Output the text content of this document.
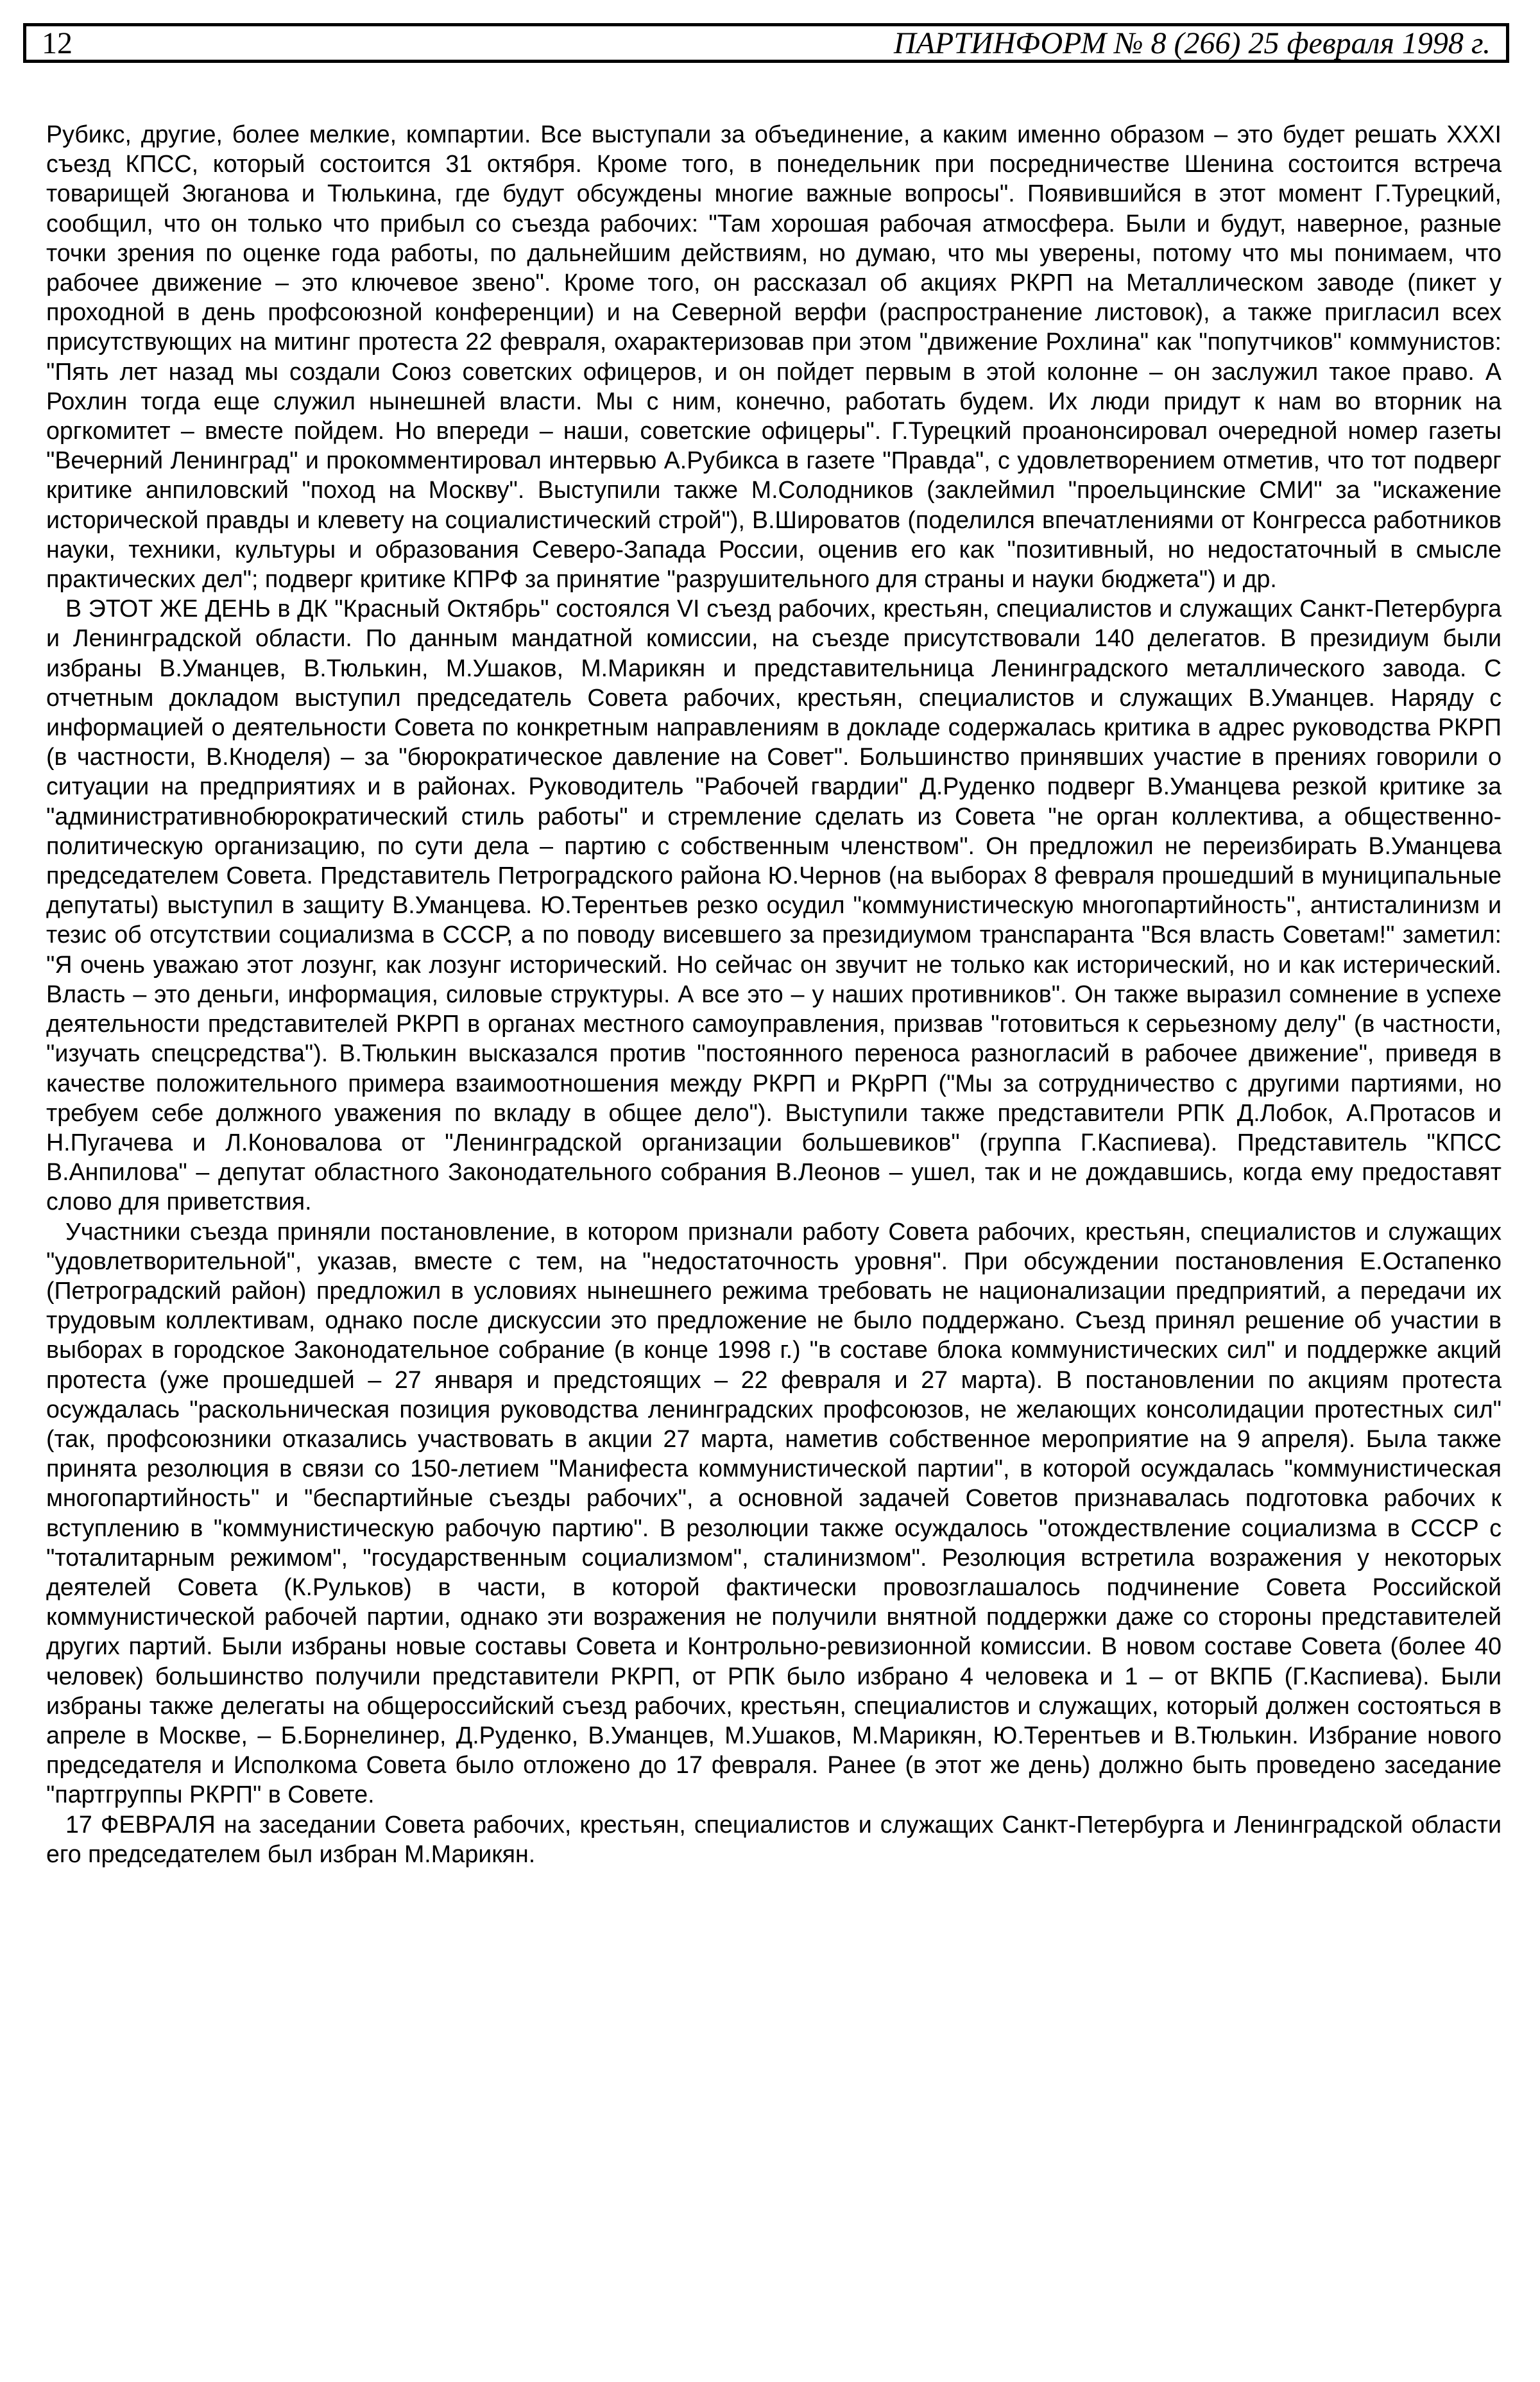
12	ПАРТИНФОРМ № 8 (266) 25 февраля 1998 г.

Рубикс, другие, более мелкие, компартии. Все выступали за объединение, а каким именно образом – это будет решать XXXI съезд КПСС, который состоится 31 октября. Кроме того, в понедельник при посредничестве Шенина состоится встреча товарищей Зюганова и Тюлькина, где будут обсуждены многие важные вопросы". Появившийся в этот момент Г.Турецкий, сообщил, что он только что прибыл со съезда рабочих: "Там хорошая рабочая атмосфера. Были и будут, наверное, разные точки зрения по оценке года работы, по дальнейшим действиям, но думаю, что мы уверены, потому что мы понимаем, что рабочее движение – это ключевое звено". Кроме того, он рассказал об акциях РКРП на Металлическом заводе (пикет у проходной в день профсоюзной конференции) и на Северной верфи (распространение листовок), а также пригласил всех присутствующих на митинг протеста 22 февраля, охарактеризовав при этом "движение Рохлина" как "попутчиков" коммунистов: "Пять лет назад мы создали Союз советских офицеров, и он пойдет первым в этой колонне – он заслужил такое право. А Рохлин тогда еще служил нынешней власти. Мы с ним, конечно, работать будем. Их люди придут к нам во вторник на оргкомитет – вместе пойдем. Но впереди – наши, советские офицеры". Г.Турецкий проанонсировал очередной номер газеты "Вечерний Ленинград" и прокомментировал интервью А.Рубикса в газете "Правда", с удовлетворением отметив, что тот подверг критике анпиловский "поход на Москву". Выступили также М.Солодников (заклеймил "проельцинские СМИ" за "искажение исторической правды и клевету на социалистический строй"), В.Шировaтов (поделился впечатлениями от Конгресса работников науки, техники, культуры и образования Северо-Запада России, оценив его как "позитивный, но недостаточный в смысле практических дел"; подверг критике КПРФ за принятие "разрушительного для страны и науки бюджета") и др.

В ЭТОТ ЖЕ ДЕНЬ в ДК "Красный Октябрь" состоялся VI съезд рабочих, крестьян, специалистов и служащих Санкт-Петербурга и Ленинградской области. По данным мандатной комиссии, на съезде присутствовали 140 делегатов. В президиум были избраны В.Уманцев, В.Тюлькин, М.Ушаков, М.Марикян и представительница Ленинградского металлического завода. С отчетным докладом выступил председатель Совета рабочих, крестьян, специалистов и служащих В.Уманцев. Наряду с информацией о деятельности Совета по конкретным направлениям в докладе содержалась критика в адрес руководства РКРП (в частности, В.Кноделя) – за "бюрократическое давление на Совет". Большинство принявших участие в прениях говорили о ситуации на предприятиях и в районах. Руководитель "Рабочей гвардии" Д.Руденко подверг В.Уманцева резкой критике за "административнобюрократический стиль работы" и стремление сделать из Совета "не орган коллектива, а общественно-политическую организацию, по сути дела – партию с собственным членством". Он предложил не переизбирать В.Уманцева председателем Совета. Представитель Петроградского района Ю.Чернов (на выборах 8 февраля прошедший в муниципальные депутаты) выступил в защиту В.Уманцева. Ю.Терентьев резко осудил "коммунистическую многопартийность", антисталинизм и тезис об отсутствии социализма в СССР, а по поводу висевшего за президиумом транспаранта "Вся власть Советам!" заметил: "Я очень уважаю этот лозунг, как лозунг исторический. Но сейчас он звучит не только как исторический, но и как истерический. Власть – это деньги, информация, силовые структуры. А все это – у наших противников". Он также выразил сомнение в успехе деятельности представителей РКРП в органах местного самоуправления, призвав "готовиться к серьезному делу" (в частности, "изучать спецсредства"). В.Тюлькин высказался против "постоянного переноса разногласий в рабочее движение", приведя в качестве положительного примера взаимоотношения между РКРП и РКрРП ("Мы за сотрудничество с другими партиями, но требуем себе должного уважения по вкладу в общее дело"). Выступили также представители РПК Д.Лобок, А.Протасов и Н.Пугачева и Л.Коновалова от "Ленинградской организации большевиков" (группа Г.Каспиева). Представитель "КПСС В.Анпилова" – депутат областного Законодательного собрания В.Леонов – ушел, так и не дождавшись, когда ему предоставят слово для приветствия.

Участники съезда приняли постановление, в котором признали работу Совета рабочих, крестьян, специалистов и служащих "удовлетворительной", указав, вместе с тем, на "недостаточность уровня". При обсуждении постановления Е.Остапенко (Петроградский район) предложил в условиях нынешнего режима требовать не национализации предприятий, а передачи их трудовым коллективам, однако после дискуссии это предложение не было поддержано. Съезд принял решение об участии в выборах в городское Законодательное собрание (в конце 1998 г.) "в составе блока коммунистических сил" и поддержке акций протеста (уже прошедшей – 27 января и предстоящих – 22 февраля и 27 марта). В постановлении по акциям протеста осуждалась "раскольническая позиция руководства ленинградских профсоюзов, не желающих консолидации протестных сил" (так, профсоюзники отказались участвовать в акции 27 марта, наметив собственное мероприятие на 9 апреля). Была также принята резолюция в связи со 150-летием "Манифеста коммунистической партии", в которой осуждалась "коммунистическая многопартийность" и "беспартийные съезды рабочих", а основной задачей Советов признавалась подготовка рабочих к вступлению в "коммунистическую рабочую партию". В резолюции также осуждалось "отождествление социализма в СССР с "тоталитарным режимом", "государственным социализмом", сталинизмом". Резолюция встретила возражения у некоторых деятелей Совета (К.Рульков) в части, в которой фактически провозглашалось подчинение Совета Российской коммунистической рабочей партии, однако эти возражения не получили внятной поддержки даже со стороны представителей других партий. Были избраны новые составы Совета и Контрольно-ревизионной комиссии. В новом составе Совета (более 40 человек) большинство получили представители РКРП, от РПК было избрано 4 человека и 1 – от ВКПБ (Г.Каспиева). Были избраны также делегаты на общероссийский съезд рабочих, крестьян, специалистов и служащих, который должен состояться в апреле в Москве, – Б.Борнелинер, Д.Руденко, В.Уманцев, М.Ушаков, М.Марикян, Ю.Терентьев и В.Тюлькин. Избрание нового председателя и Исполкома Совета было отложено до 17 февраля. Ранее (в этот же день) должно быть проведено заседание "партгруппы РКРП" в Совете.

17 ФЕВРАЛЯ на заседании Совета рабочих, крестьян, специалистов и служащих Санкт-Петербурга и Ленинградской области его председателем был избран М.Марикян.
